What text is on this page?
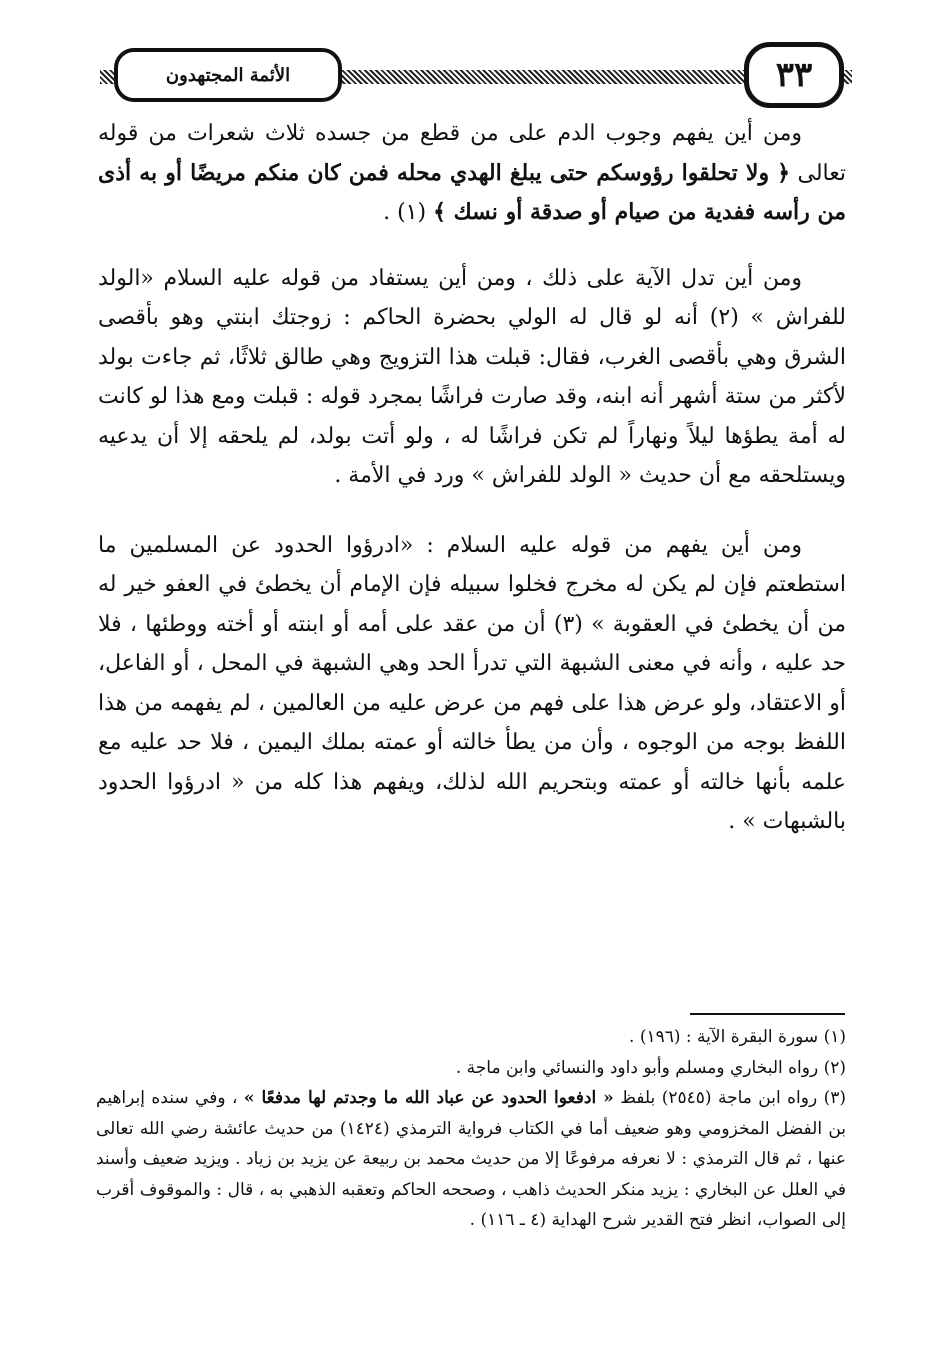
الأئمة المجتهدون	٣٣

ومن أين يفهم وجوب الدم على من قطع من جسده ثلاث شعرات من قوله تعالى ﴿ ولا تحلقوا رؤوسكم حتى يبلغ الهدي محله فمن كان منكم مريضًا أو به أذى من رأسه ففدية من صيام أو صدقة أو نسك ﴾ (١) .

ومن أين تدل الآية على ذلك ، ومن أين يستفاد من قوله عليه السلام «الولد للفراش » (٢) أنه لو قال له الولي بحضرة الحاكم : زوجتك ابنتي وهو بأقصى الشرق وهي بأقصى الغرب، فقال: قبلت هذا التزويج وهي طالق ثلاثًا، ثم جاءت بولد لأكثر من ستة أشهر أنه ابنه، وقد صارت فراشًا بمجرد قوله : قبلت ومع هذا لو كانت له أمة يطؤها ليلاً ونهاراً لم تكن فراشًا له ، ولو أتت بولد، لم يلحقه إلا أن يدعيه ويستلحقه مع أن حديث « الولد للفراش » ورد في الأمة .

ومن أين يفهم من قوله عليه السلام : «ادرؤوا الحدود عن المسلمين ما استطعتم فإن لم يكن له مخرج فخلوا سبيله فإن الإمام أن يخطئ في العفو خير له من أن يخطئ في العقوبة » (٣) أن من عقد على أمه أو ابنته أو أخته ووطئها ، فلا حد عليه ، وأنه في معنى الشبهة التي تدرأ الحد وهي الشبهة في المحل ، أو الفاعل، أو الاعتقاد، ولو عرض هذا على فهم من عرض عليه من العالمين ، لم يفهمه من هذا اللفظ بوجه من الوجوه ، وأن من يطأ خالته أو عمته بملك اليمين ، فلا حد عليه مع علمه بأنها خالته أو عمته وبتحريم الله لذلك، ويفهم هذا كله من « ادرؤوا الحدود بالشبهات » .

(١) سورة البقرة الآية : (١٩٦) .

(٢) رواه البخاري ومسلم وأبو داود والنسائي وابن ماجة .

(٣) رواه ابن ماجة (٢٥٤٥) بلفظ « ادفعوا الحدود عن عباد الله ما وجدتم لها مدفعًا » ، وفي سنده إبراهيم بن الفضل المخزومي وهو ضعيف أما في الكتاب فرواية الترمذي (١٤٢٤) من حديث عائشة رضي الله تعالى عنها ، ثم قال الترمذي : لا نعرفه مرفوعًا إلا من حديث محمد بن ربيعة عن يزيد بن زياد . ويزيد ضعيف وأسند في العلل عن البخاري : يزيد منكر الحديث ذاهب ، وصححه الحاكم وتعقبه الذهبي به ، قال : والموقوف أقرب إلى الصواب، انظر فتح القدير شرح الهداية (٤ ـ ١١٦) .
